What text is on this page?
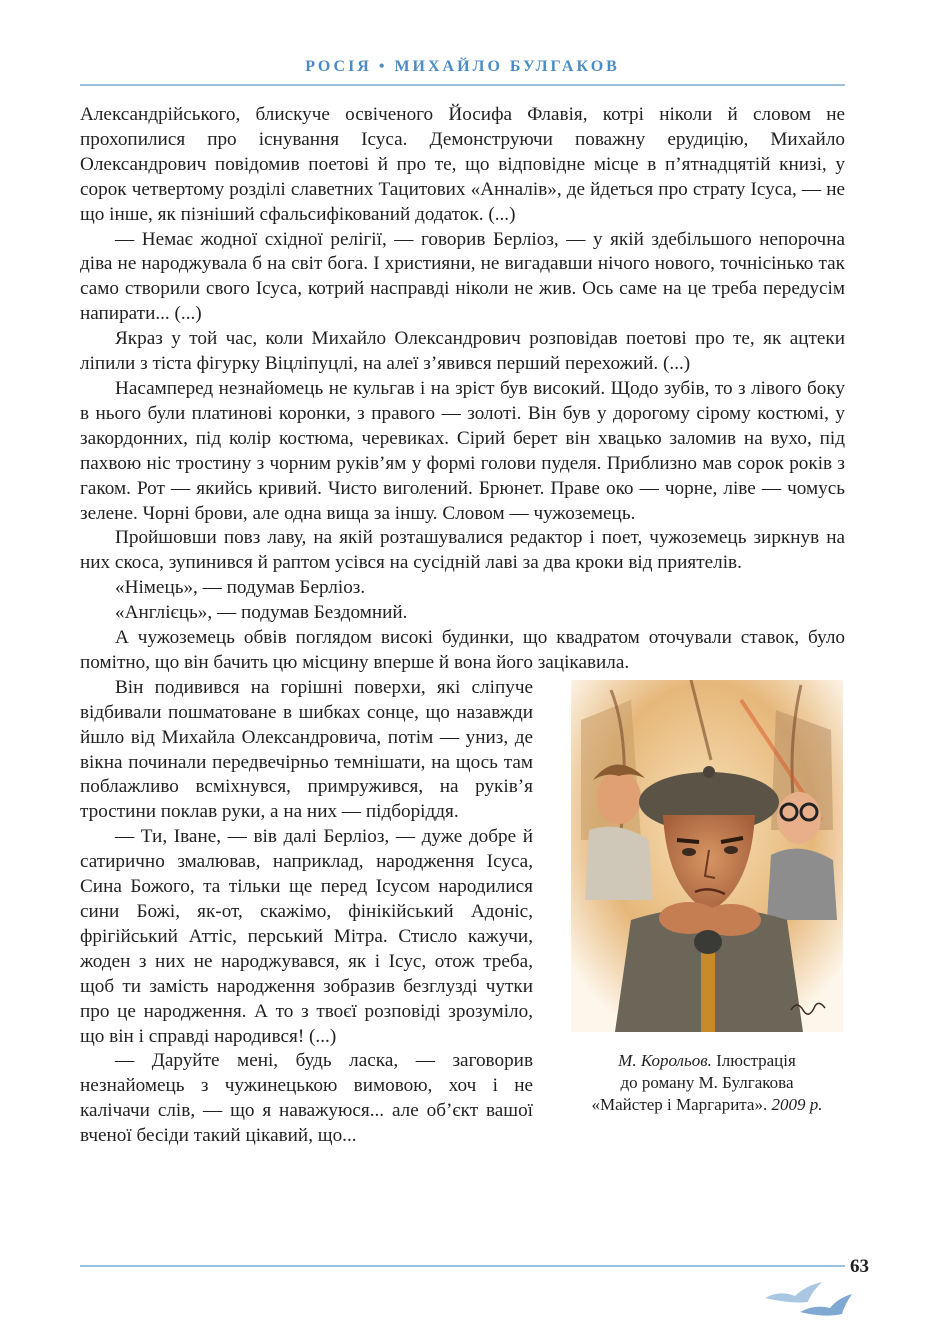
РОСІЯ • МИХАЙЛО БУЛГАКОВ

Александрійського, блискуче освіченого Йосифа Флавія, котрі ніколи й словом не прохопилися про існування Ісуса. Демонструючи поважну ерудицію, Михайло Олександрович повідомив поетові й про те, що відповідне місце в п’ятнадцятій книзі, у сорок четвертому розділі славетних Тацитових «Анналів», де йдеться про страту Ісуса, — не що інше, як пізніший сфальсифікований додаток. (...)

— Немає жодної східної релігії, — говорив Берліоз, — у якій здебільшого непорочна діва не народжувала б на світ бога. І християни, не вигадавши нічого нового, точнісінько так само створили свого Ісуса, котрий насправді ніколи не жив. Ось саме на це треба передусім напирати... (...)

Якраз у той час, коли Михайло Олександрович розповідав поетові про те, як ацтеки ліпили з тіста фігурку Віцліпуцлі, на алеї з’явився перший перехожий. (...)

Насамперед незнайомець не кульгав і на зріст був високий. Щодо зубів, то з лівого боку в нього були платинові коронки, з правого — золоті. Він був у дорогому сірому костюмі, у закордонних, під колір костюма, черевиках. Сірий берет він хвацько заломив на вухо, під пахвою ніс тростину з чорним руків’ям у формі голови пуделя. Приблизно мав сорок років з гаком. Рот — якийсь кривий. Чисто виголений. Брюнет. Праве око — чорне, ліве — чомусь зелене. Чорні брови, але одна вища за іншу. Словом — чужоземець.

Пройшовши повз лаву, на якій розташувалися редактор і поет, чужоземець зиркнув на них скоса, зупинився й раптом усівся на сусідній лаві за два кроки від приятелів.

«Німець», — подумав Берліоз.

«Англієць», — подумав Бездомний.

А чужоземець обвів поглядом високі будинки, що квадратом оточували ставок, було помітно, що він бачить цю місцину вперше й вона його зацікавила.

М. Корольов. Ілюстрація
до роману М. Булгакова
«Майстер і Маргарита». 2009 р.

Він подивився на горішні поверхи, які сліпуче відбивали пошматоване в шибках сонце, що назавжди йшло від Михайла Олександровича, потім — униз, де вікна починали передвечірньо темнішати, на щось там поблажливо всміхнувся, примружився, на руків’я тростини поклав руки, а на них — підборіддя.

— Ти, Іване, — вів далі Берліоз, — дуже добре й сатирично змалював, наприклад, народження Ісуса, Сина Божого, та тільки ще перед Ісусом народилися сини Божі, як-от, скажімо, фінікійський Адоніс, фрігійський Аттіс, перський Мітра. Стисло кажучи, жоден з них не народжувався, як і Ісус, отож треба, щоб ти замість народження зобразив безглузді чутки про це народження. А то з твоєї розповіді зрозуміло, що він і справді народився! (...)

— Даруйте мені, будь ласка, — заговорив незнайомець з чужинецькою вимовою, хоч і не калічачи слів, — що я наважуюся... але об’єкт вашої вченої бесіди такий цікавий, що...

63
